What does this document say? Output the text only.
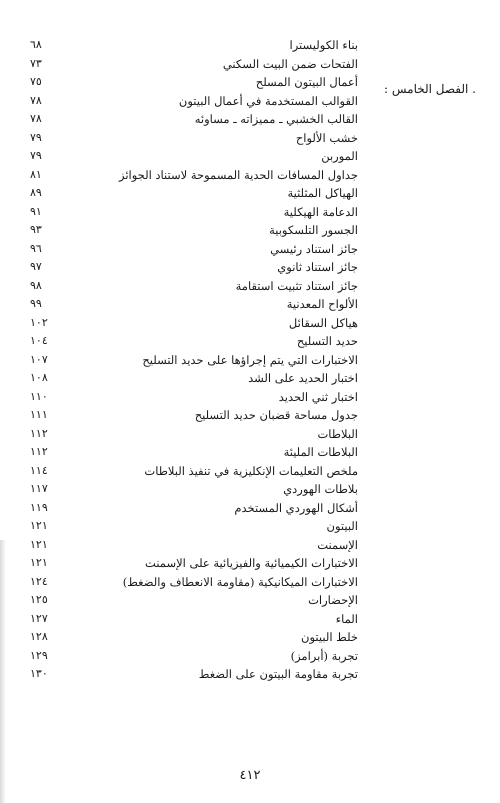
. الفصل الخامس :
بناء الكوليسترا
٦٨
الفتحات ضمن البيت السكني
٧٣
أعمال البيتون المسلح
٧٥
القوالب المستخدمة في أعمال البيتون
٧٨
القالب الخشبي ـ مميزاته ـ مساوئه
٧٨
خشب الألواح
٧٩
الموربن
٧٩
جداول المسافات الحدية المسموحة لاستناد الجوائز
٨١
الهياكل المثلثية
٨٩
الدعامة الهيكلية
٩١
الجسور التلسكوبية
٩٣
جائز استناد رئيسي
٩٦
جائز استناد ثانوي
٩٧
جائز استناد تثبيت استقامة
٩٨
الألواح المعدنية
٩٩
هياكل السقائل
١٠٢
حديد التسليح
١٠٤
الاختبارات التي يتم إجراؤها على حديد التسليح
١٠٧
اختبار الحديد على الشد
١٠٨
اختبار ثني الحديد
١١٠
جدول مساحة قضبان حديد التسليح
١١١
البلاطات
١١٢
البلاطات المليئة
١١٢
ملخص التعليمات الإنكليزية في تنفيذ البلاطات
١١٤
بلاطات الهوردي
١١٧
أشكال الهوردي المستخدم
١١٩
البيتون
١٢١
الإسمنت
١٢١
الاختبارات الكيميائية والفيزيائية على الإسمنت
١٢١
الاختبارات الميكانيكية (مقاومة الانعطاف والضغط)
١٢٤
الإحضارات
١٢٥
الماء
١٢٧
خلط البيتون
١٢٨
تجربة (أبرامز)
١٢٩
تجربة مقاومة البيتون على الضغط
١٣٠
٤١٢
